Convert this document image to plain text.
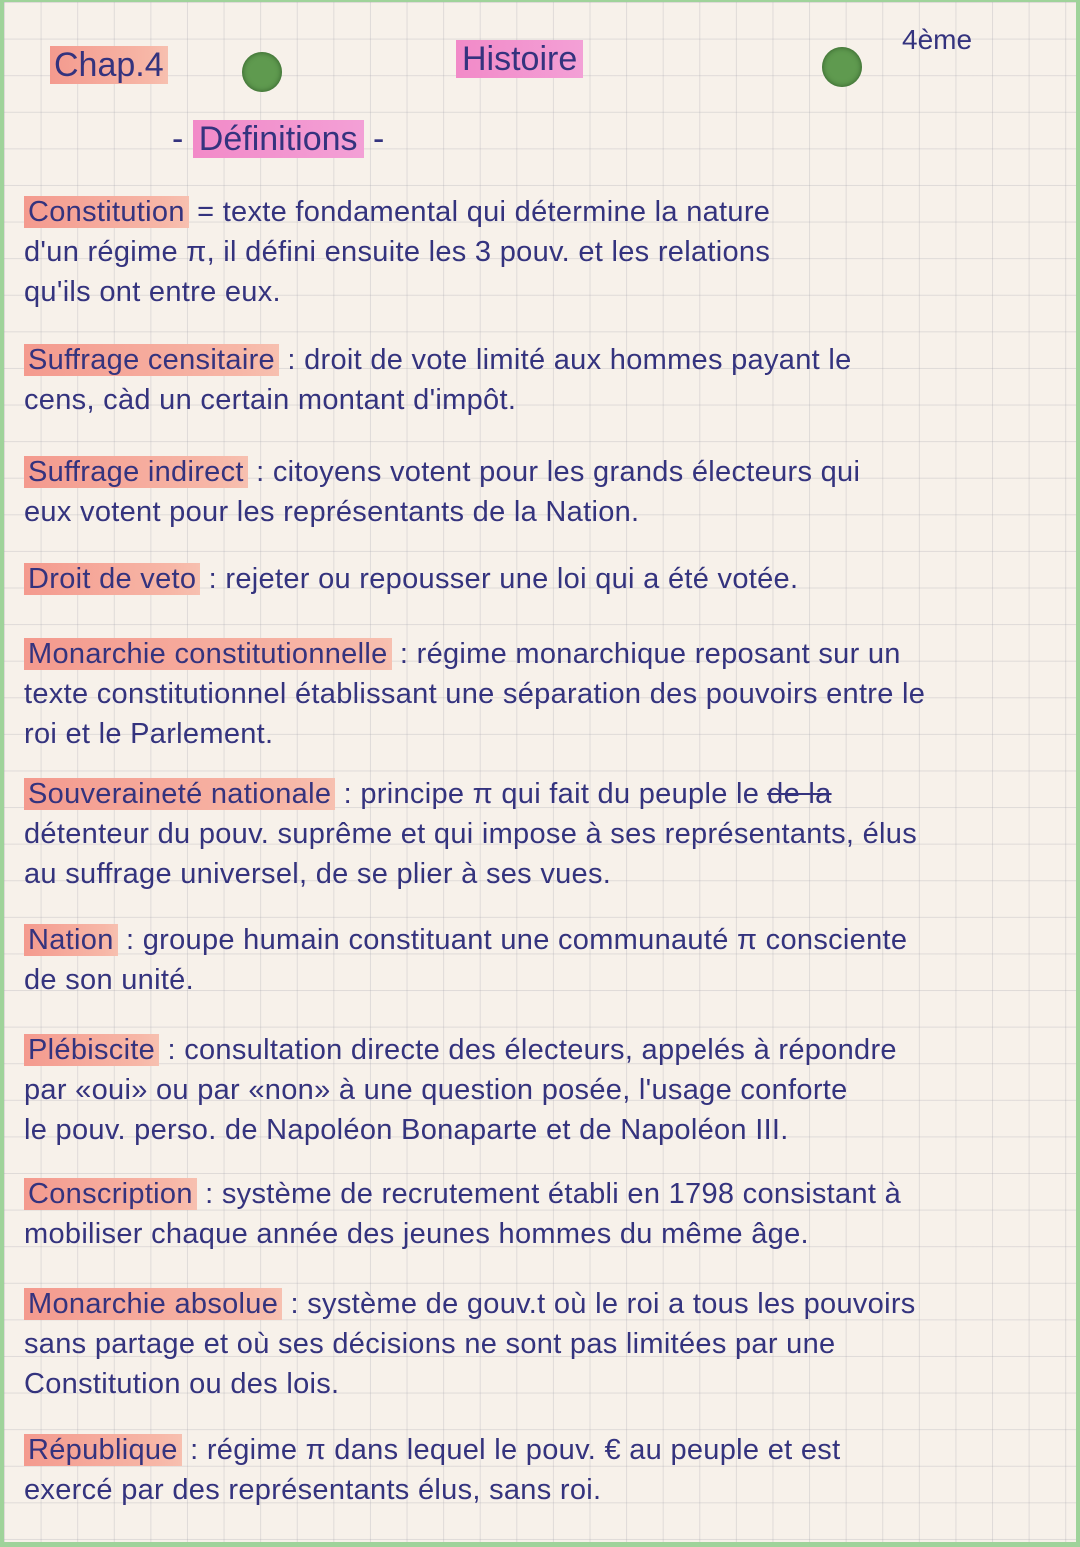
Chap.4	Histoire
4ème
- Définitions -
Constitution = texte fondamental qui détermine la nature
d'un régime π, il défini ensuite les 3 pouv. et les relations
qu'ils ont entre eux.
Suffrage censitaire : droit de vote limité aux hommes payant le
cens, càd un certain montant d'impôt.
Suffrage indirect : citoyens votent pour les grands électeurs qui
eux votent pour les représentants de la Nation.
Droit de veto : rejeter ou repousser une loi qui a été votée.
Monarchie constitutionnelle : régime monarchique reposant sur un
texte constitutionnel établissant une séparation des pouvoirs entre le
roi et le Parlement.
Souveraineté nationale : principe π qui fait du peuple le de la
détenteur du pouv. suprême et qui impose à ses représentants, élus
au suffrage universel, de se plier à ses vues.
Nation : groupe humain constituant une communauté π consciente
de son unité.
Plébiscite : consultation directe des électeurs, appelés à répondre
par «oui» ou par «non» à une question posée, l'usage conforte
le pouv. perso. de Napoléon Bonaparte et de Napoléon III.
Conscription : système de recrutement établi en 1798 consistant à
mobiliser chaque année des jeunes hommes du même âge.
Monarchie absolue : système de gouv.t où le roi a tous les pouvoirs
sans partage et où ses décisions ne sont pas limitées par une
Constitution ou des lois.
République : régime π dans lequel le pouv. € au peuple et est
exercé par des représentants élus, sans roi.
